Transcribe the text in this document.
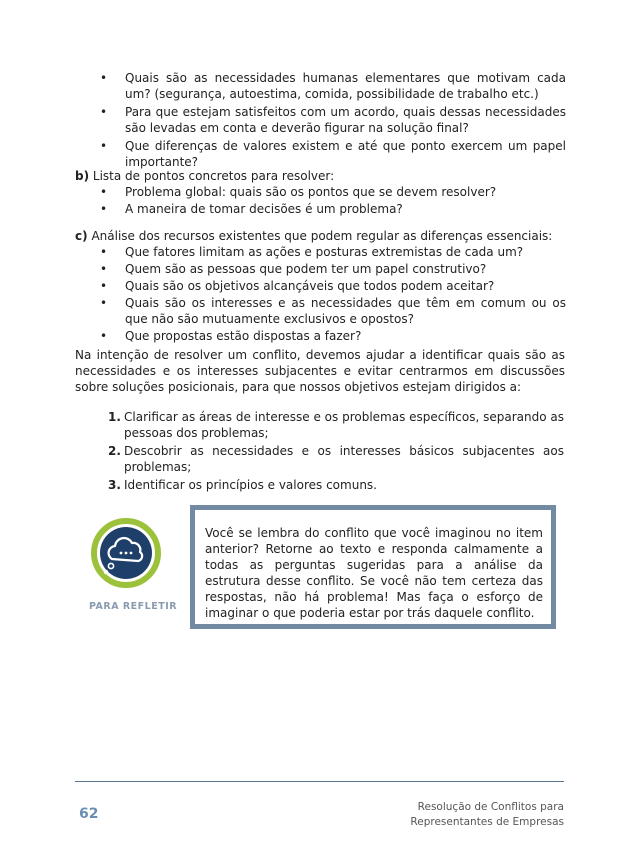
• Quais são as necessidades humanas elementares que motivam cada um? (segurança, autoestima, comida, possibilidade de trabalho etc.)
• Para que estejam satisfeitos com um acordo, quais dessas necessidades são levadas em conta e deverão figurar na solução final?
• Que diferenças de valores existem e até que ponto exercem um papel importante?
b) Lista de pontos concretos para resolver:
• Problema global: quais são os pontos que se devem resolver?
• A maneira de tomar decisões é um problema?
c) Análise dos recursos existentes que podem regular as diferenças essenciais:
• Que fatores limitam as ações e posturas extremistas de cada um?
• Quem são as pessoas que podem ter um papel construtivo?
• Quais são os objetivos alcançáveis que todos podem aceitar?
• Quais são os interesses e as necessidades que têm em comum ou os que não são mutuamente exclusivos e opostos?
• Que propostas estão dispostas a fazer?
Na intenção de resolver um conflito, devemos ajudar a identificar quais são as necessidades e os interesses subjacentes e evitar centrarmos em discussões sobre soluções posicionais, para que nossos objetivos estejam dirigidos a:
1. Clarificar as áreas de interesse e os problemas específicos, separando as pessoas dos problemas;
2. Descobrir as necessidades e os interesses básicos subjacentes aos problemas;
3. Identificar os princípios e valores comuns.
PARA REFLETIR
Você se lembra do conflito que você imaginou no item anterior? Retorne ao texto e responda calmamente a todas as perguntas sugeridas para a análise da estrutura desse conflito. Se você não tem certeza das respostas, não há problema! Mas faça o esforço de imaginar o que poderia estar por trás daquele conflito.
62	Resolução de Conflitos para
Representantes de Empresas
